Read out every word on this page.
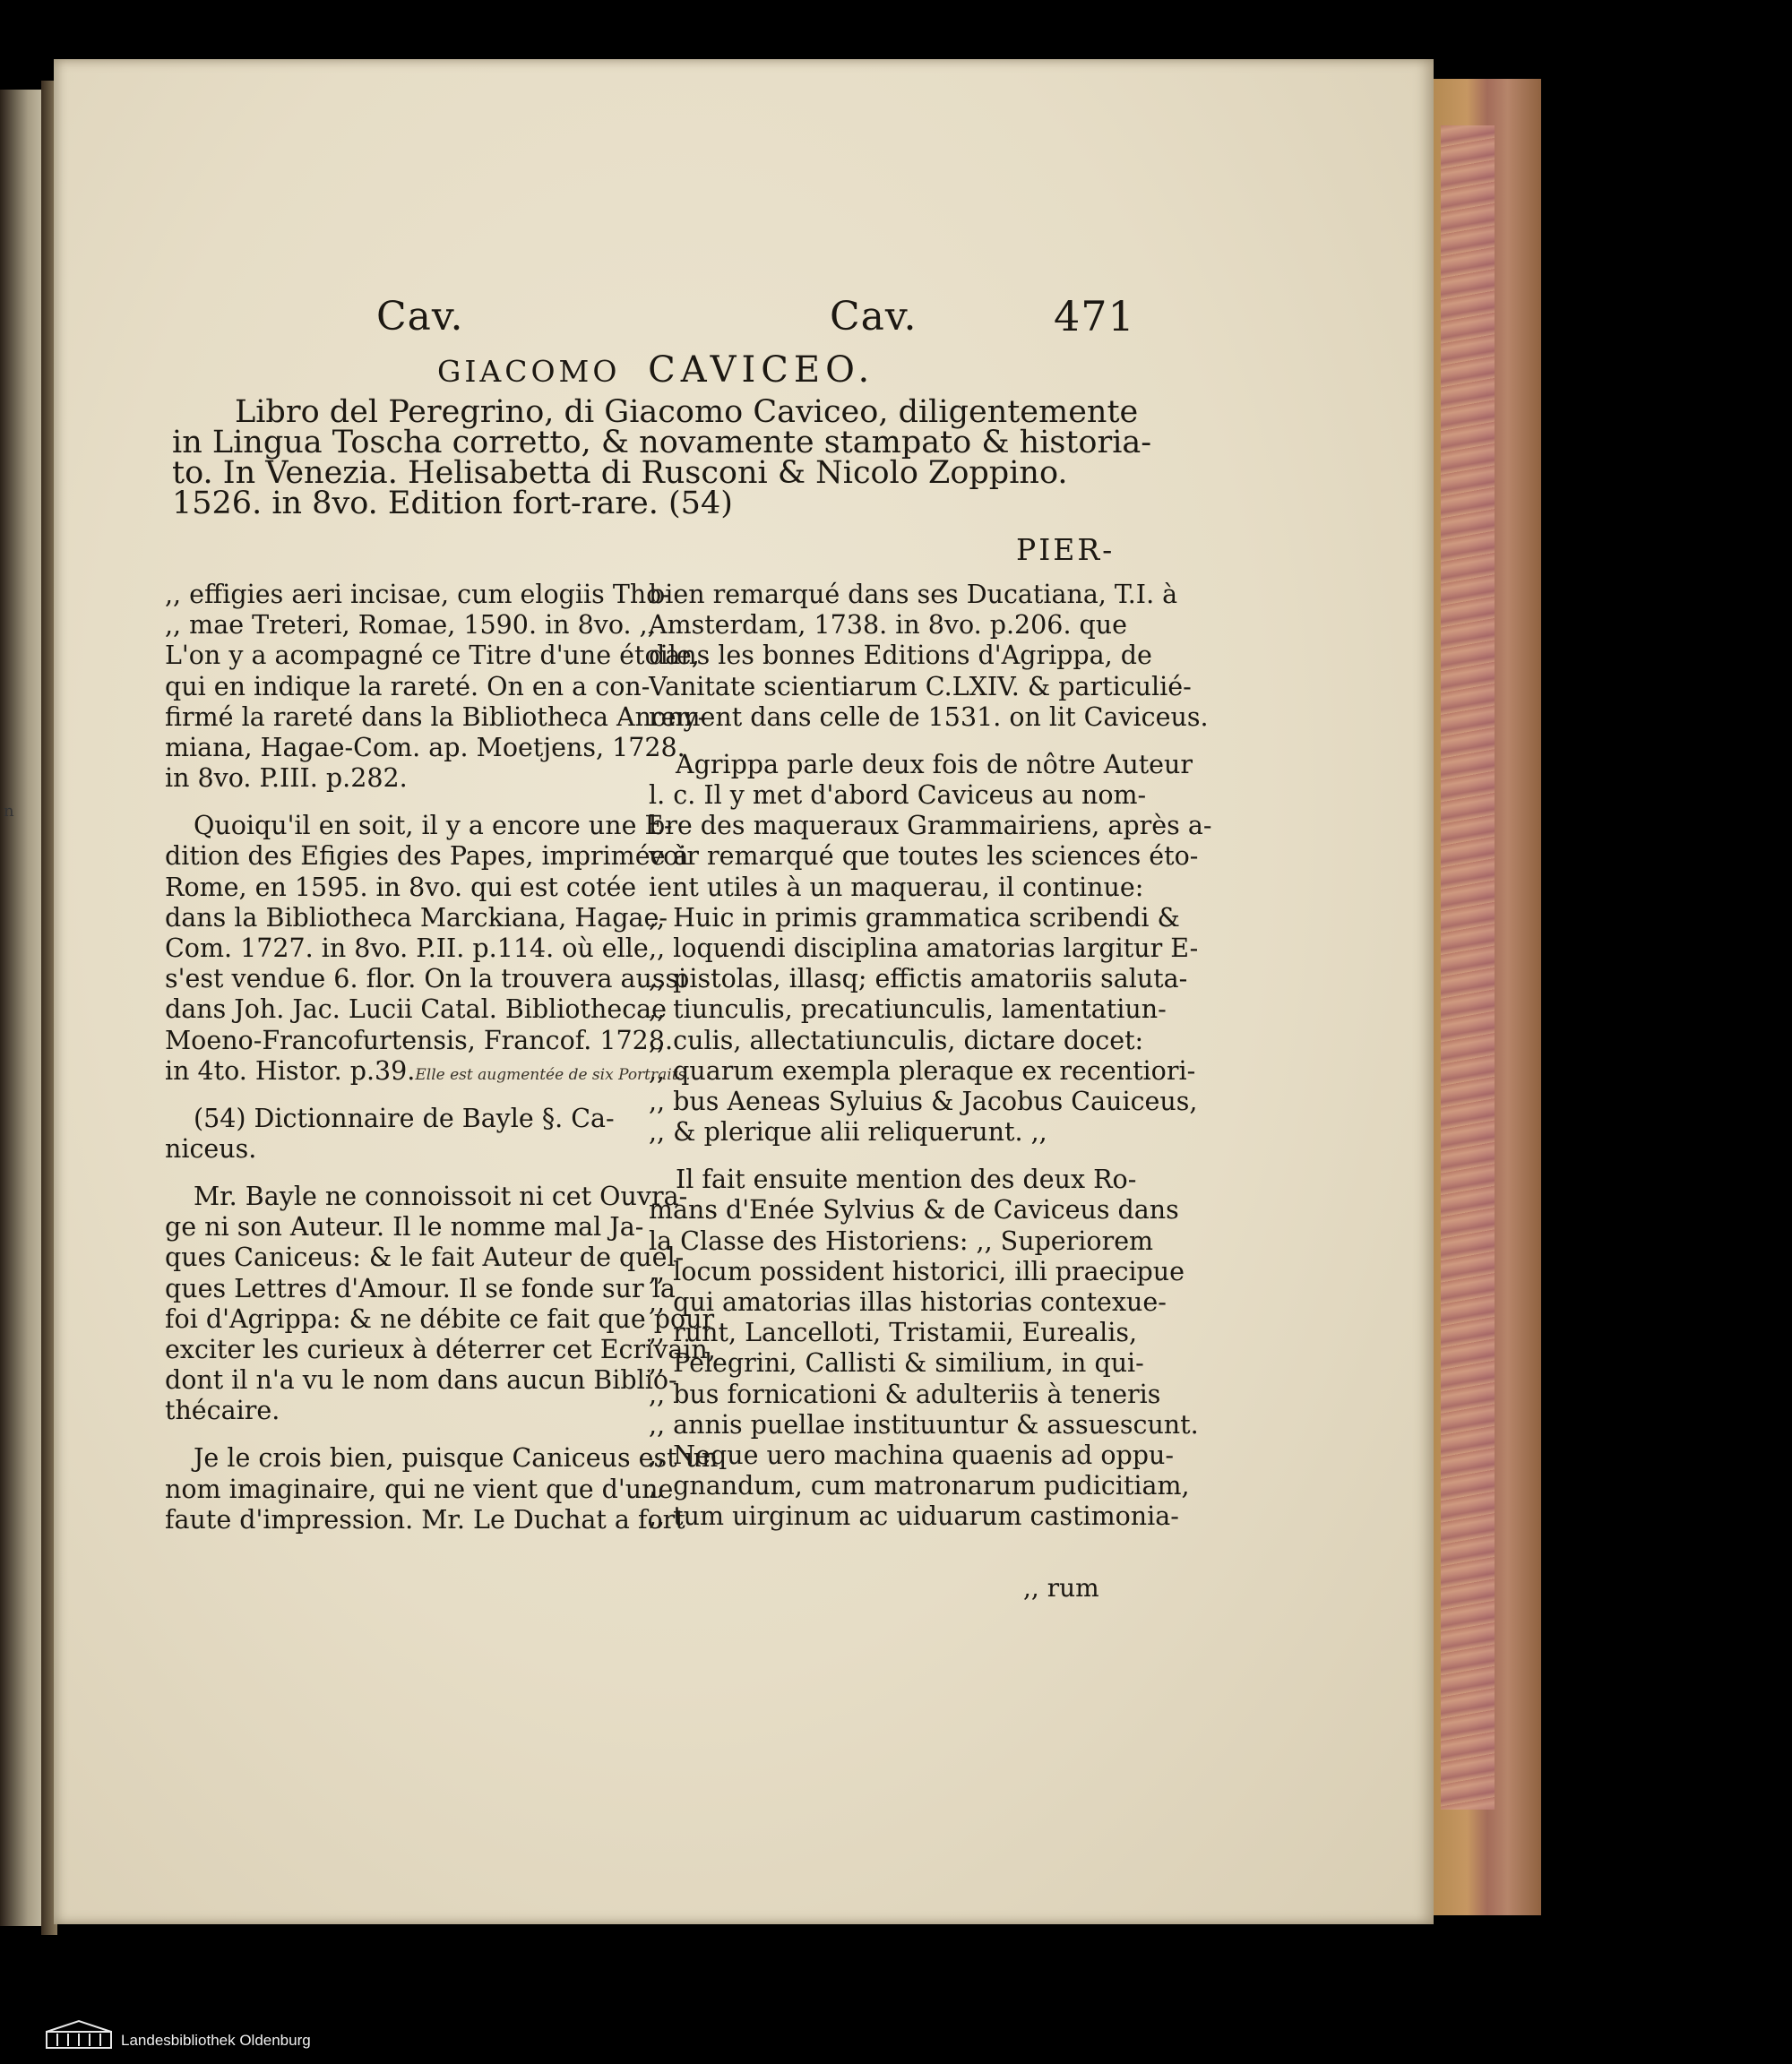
n
Cav.	Cav.	471
GIACOMO CAVICEO.
Libro del Peregrino, di Giacomo Caviceo, diligentemente
in Lingua Toscha corretto, & novamente stampato & historia-
to. In Venezia. Helisabetta di Rusconi & Nicolo Zoppino.
1526. in 8vo. Edition fort-rare. (54)
PIER-
,, effigies aeri incisae, cum elogiis Tho-
,, mae Treteri, Romae, 1590. in 8vo. ,,
L'on y a acompagné ce Titre d'une étoile,
qui en indique la rareté. On en a con-
firmé la rareté dans la Bibliotheca Anony-
miana, Hagae-Com. ap. Moetjens, 1728.
in 8vo. P.III. p.282.
Quoiqu'il en soit, il y a encore une E-
dition des Efigies des Papes, imprimée à
Rome, en 1595. in 8vo. qui est cotée
dans la Bibliotheca Marckiana, Hagae-
Com. 1727. in 8vo. P.II. p.114. où elle
s'est vendue 6. flor. On la trouvera aussi
dans Joh. Jac. Lucii Catal. Bibliothecae
Moeno-Francofurtensis, Francof. 1728.
in 4to. Histor. p.39.Elle est augmentée de six Portraits.
(54) Dictionnaire de Bayle §. Ca-
niceus.
Mr. Bayle ne connoissoit ni cet Ouvra-
ge ni son Auteur. Il le nomme mal Ja-
ques Caniceus: & le fait Auteur de quel-
ques Lettres d'Amour. Il se fonde sur la
foi d'Agrippa: & ne débite ce fait que pour
exciter les curieux à déterrer cet Ecrivain,
dont il n'a vu le nom dans aucun Biblio-
thécaire.
Je le crois bien, puisque Caniceus est un
nom imaginaire, qui ne vient que d'une
faute d'impression. Mr. Le Duchat a fort
bien remarqué dans ses Ducatiana, T.I. à
Amsterdam, 1738. in 8vo. p.206. que
dans les bonnes Editions d'Agrippa, de
Vanitate scientiarum C.LXIV. & particulié-
rement dans celle de 1531. on lit Caviceus.
Agrippa parle deux fois de nôtre Auteur
l. c. Il y met d'abord Caviceus au nom-
bre des maqueraux Grammairiens, après a-
voir remarqué que toutes les sciences éto-
ient utiles à un maquerau, il continue:
,, Huic in primis grammatica scribendi &
,, loquendi disciplina amatorias largitur E-
,, pistolas, illasq; effictis amatoriis saluta-
,, tiunculis, precatiunculis, lamentatiun-
,, culis, allectatiunculis, dictare docet:
,, quarum exempla pleraque ex recentiori-
,, bus Aeneas Syluius & Jacobus Cauiceus,
,, & plerique alii reliquerunt. ,,
Il fait ensuite mention des deux Ro-
mans d'Enée Sylvius & de Caviceus dans
la Classe des Historiens: ,, Superiorem
,, locum possident historici, illi praecipue
,, qui amatorias illas historias contexue-
,, runt, Lancelloti, Tristamii, Eurealis,
,, Pelegrini, Callisti & similium, in qui-
,, bus fornicationi & adulteriis à teneris
,, annis puellae instituuntur & assuescunt.
,, Neque uero machina quaenis ad oppu-
,, gnandum, cum matronarum pudicitiam,
,, tum uirginum ac uiduarum castimonia-
,, rum
Landesbibliothek Oldenburg
